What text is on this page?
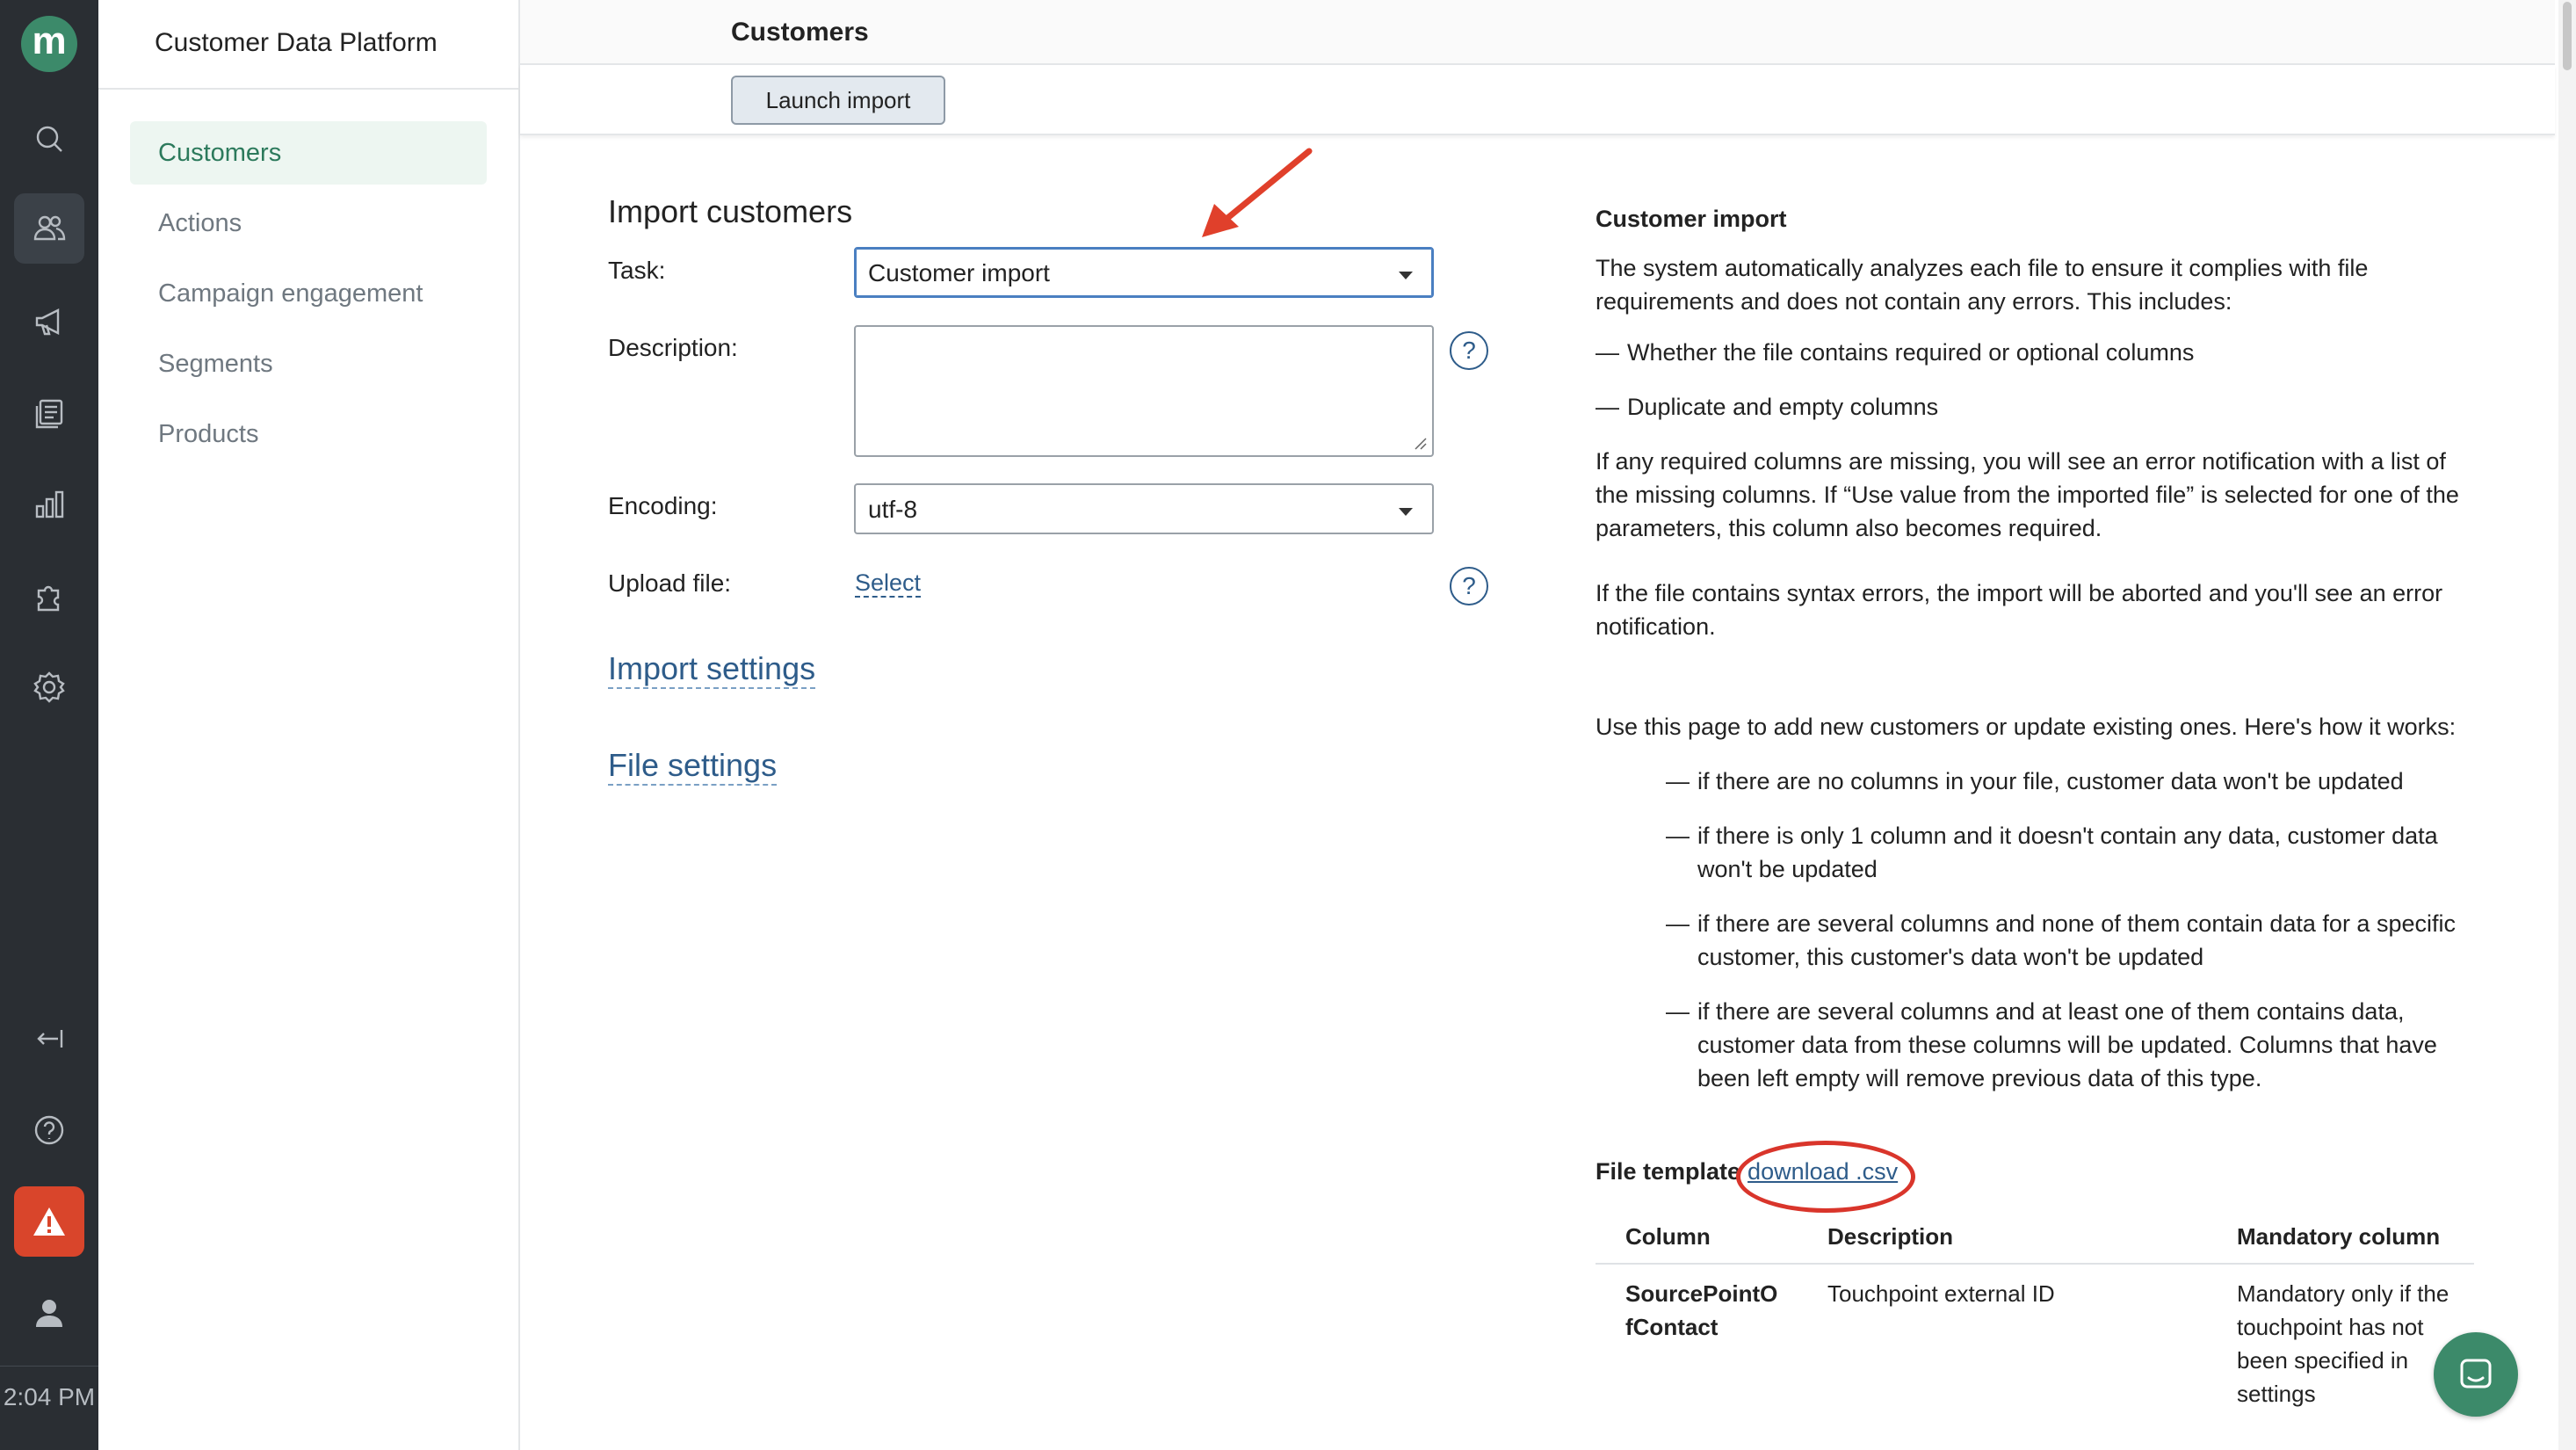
m
2:04 PM
Customer Data Platform
Customers
Actions
Campaign engagement
Segments
Products
Customers
Launch import
Import customers
Task:	Customer import
Description:	?
Encoding:	utf-8
Upload file:	Select	?
Import settings
File settings
Customer import

The system automatically analyzes each file to ensure it complies with file requirements and does not contain any errors. This includes:

— Whether the file contains required or optional columns
— Duplicate and empty columns

If any required columns are missing, you will see an error notification with a list of the missing columns. If “Use value from the imported file” is selected for one of the parameters, this column also becomes required.

If the file contains syntax errors, the import will be aborted and you'll see an error notification.

Use this page to add new customers or update existing ones. Here's how it works:

— if there are no columns in your file, customer data won't be updated
— if there is only 1 column and it doesn't contain any data, customer data won't be updated
— if there are several columns and none of them contain data for a specific customer, this customer's data won't be updated
— if there are several columns and at least one of them contains data, customer data from these columns will be updated. Columns that have been left empty will remove previous data of this type.
File template download .csv
Column	Description	Mandatory column
SourcePointO fContact	Touchpoint external ID	Mandatory only if the touchpoint has not been specified in settings
